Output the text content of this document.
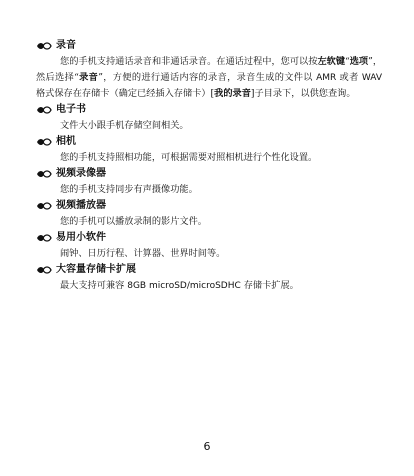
录音
您的手机支持通话录音和非通话录音。在通话过程中，您可以按左软键“选项”，然后选择“录音”，方便的进行通话内容的录音，录音生成的文件以 AMR 或者 WAV 格式保存在存储卡（确定已经插入存储卡）[我的录音]子目录下，以供您查询。
电子书
文件大小跟手机存储空间相关。
相机
您的手机支持照相功能，可根据需要对照相机进行个性化设置。
视频录像器
您的手机支持同步有声摄像功能。
视频播放器
您的手机可以播放录制的影片文件。
易用小软件
闹钟、日历行程、计算器、世界时间等。
大容量存储卡扩展
最大支持可兼容 8GB microSD/microSDHC 存储卡扩展。
6
